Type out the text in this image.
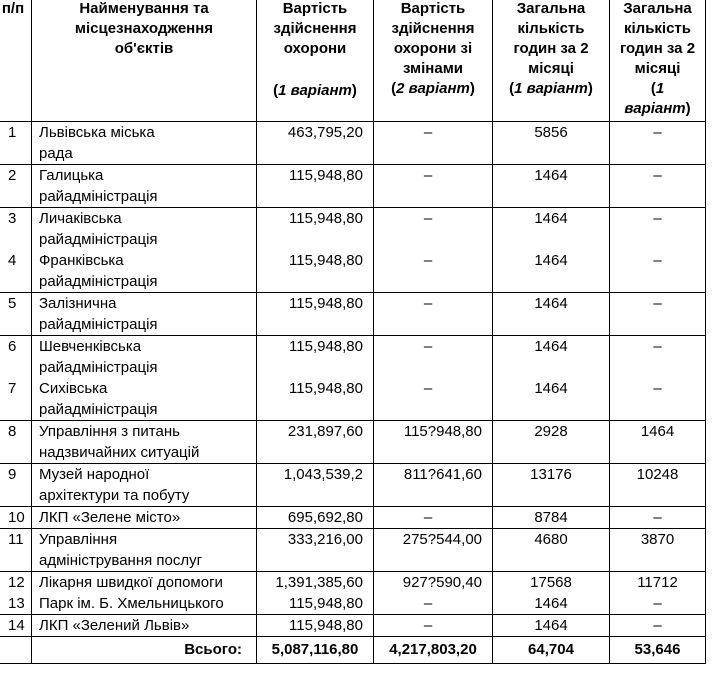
п/п	Найменування та місцезнаходження об'єктів	Вартість здійснення охорони
(1 варіант)	Вартість здійснення охорони зі змінами
(2 варіант)	Загальна кількість годин за 2 місяці
(1 варіант)	Загальна кількість годин за 2 місяці
(1 варіант)

1	Львівська міська
рада	463,795,20	–	5856	–
2	Галицька
райадміністрація	115,948,80	–	1464	–
3	Личаківська
райадміністрація	115,948,80	–	1464	–
4	Франківська
райадміністрація	115,948,80	–	1464	–
5	Залізнична
райадміністрація	115,948,80	–	1464	–
6	Шевченківська
райадміністрація	115,948,80	–	1464	–
7	Сихівська
райадміністрація	115,948,80	–	1464	–
8	Управління з питань
надзвичайних ситуацій	231,897,60	115?948,80	2928	1464
9	Музей народної
архітектури та побуту	1,043,539,2	811?641,60	13176	10248
10	ЛКП «Зелене місто»	695,692,80	–	8784	–
11	Управління
адміністрування послуг	333,216,00	275?544,00	4680	3870
12	Лікарня швидкої допомоги	1,391,385,60	927?590,40	17568	11712
13	Парк ім. Б. Хмельницького	115,948,80	–	1464	–
14	ЛКП «Зелений Львів»	115,948,80	–	1464	–
	Всього:	5,087,116,80	4,217,803,20	64,704	53,646
